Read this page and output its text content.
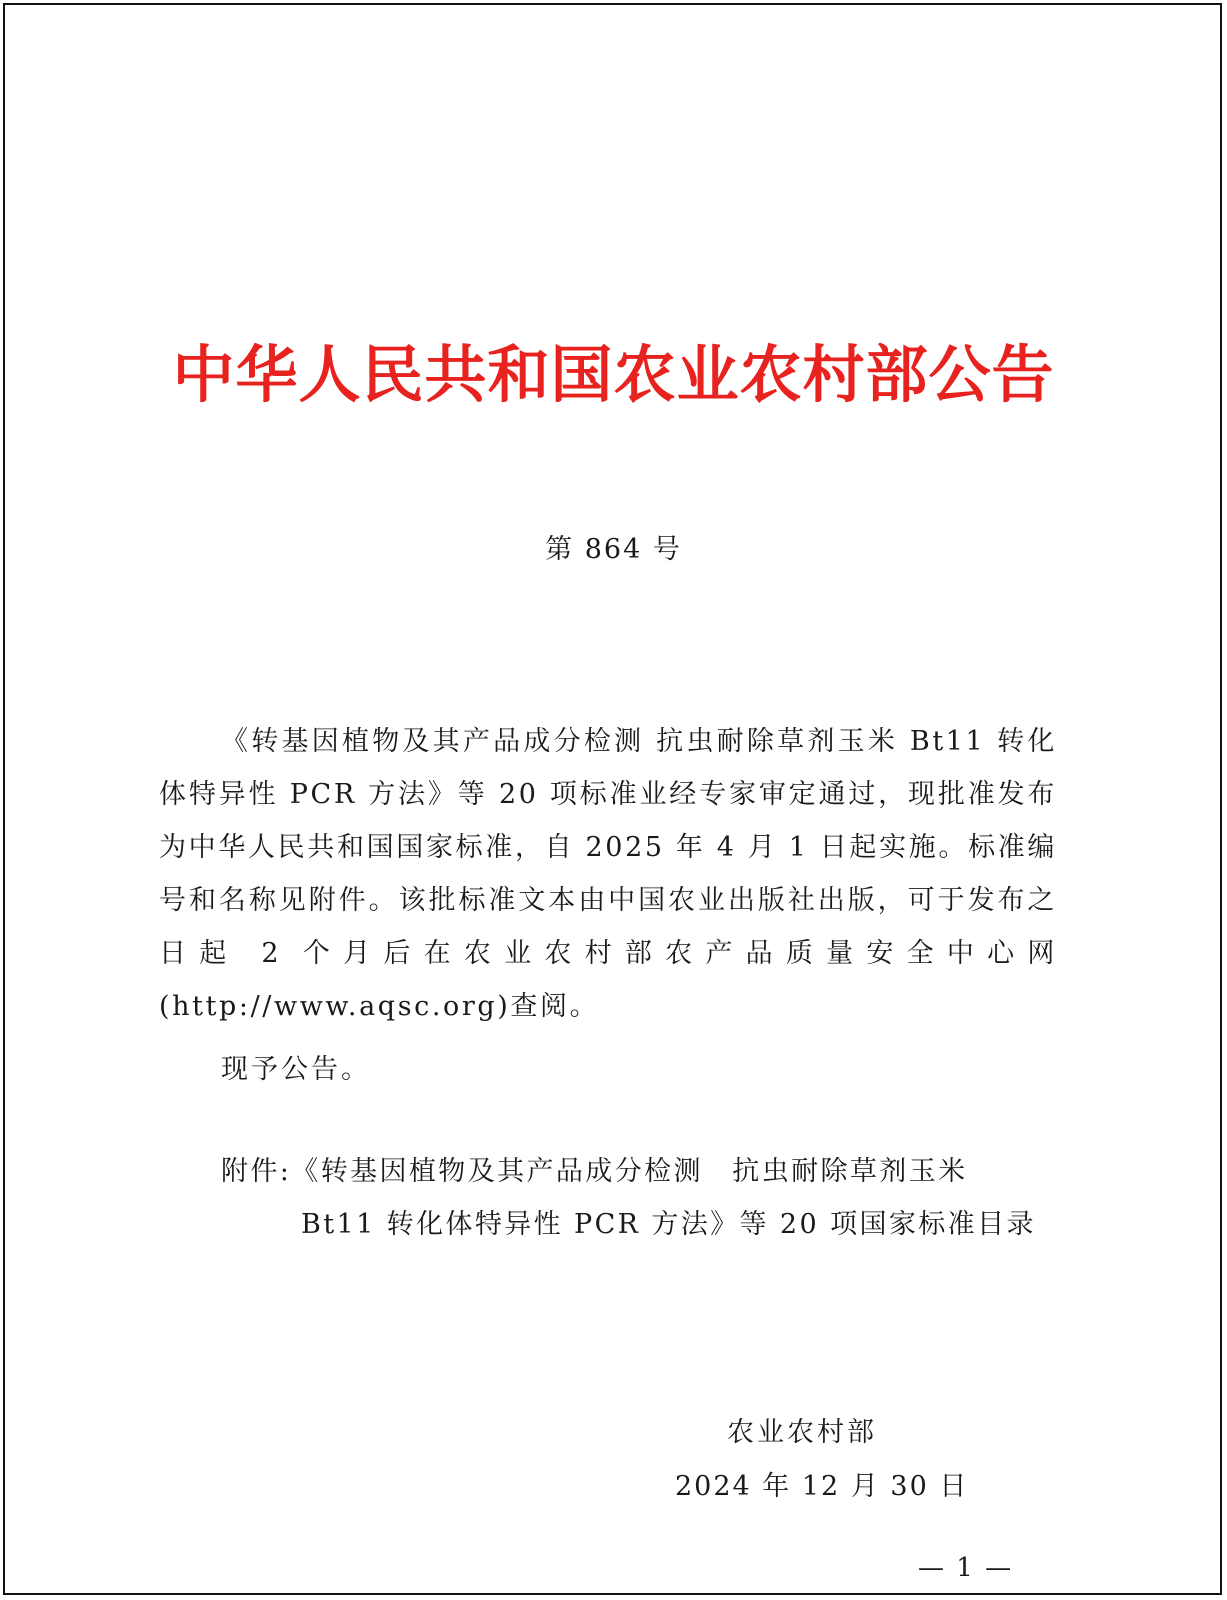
中华人民共和国农业农村部公告
第 864 号

《转基因植物及其产品成分检测 抗虫耐除草剂玉米 Bt11 转化体特异性 PCR 方法》等 20 项标准业经专家审定通过，现批准发布为中华人民共和国国家标准，自 2025 年 4 月 1 日起实施。标准编号和名称见附件。该批标准文本由中国农业出版社出版，可于发布之日起 2 个月后在农业农村部农产品质量安全中心网(http://www.aqsc.org)查阅。

现予公告。

附件:《转基因植物及其产品成分检测　抗虫耐除草剂玉米
Bt11 转化体特异性 PCR 方法》等 20 项国家标准目录

农业农村部
2024 年 12 月 30 日
— 1 —
